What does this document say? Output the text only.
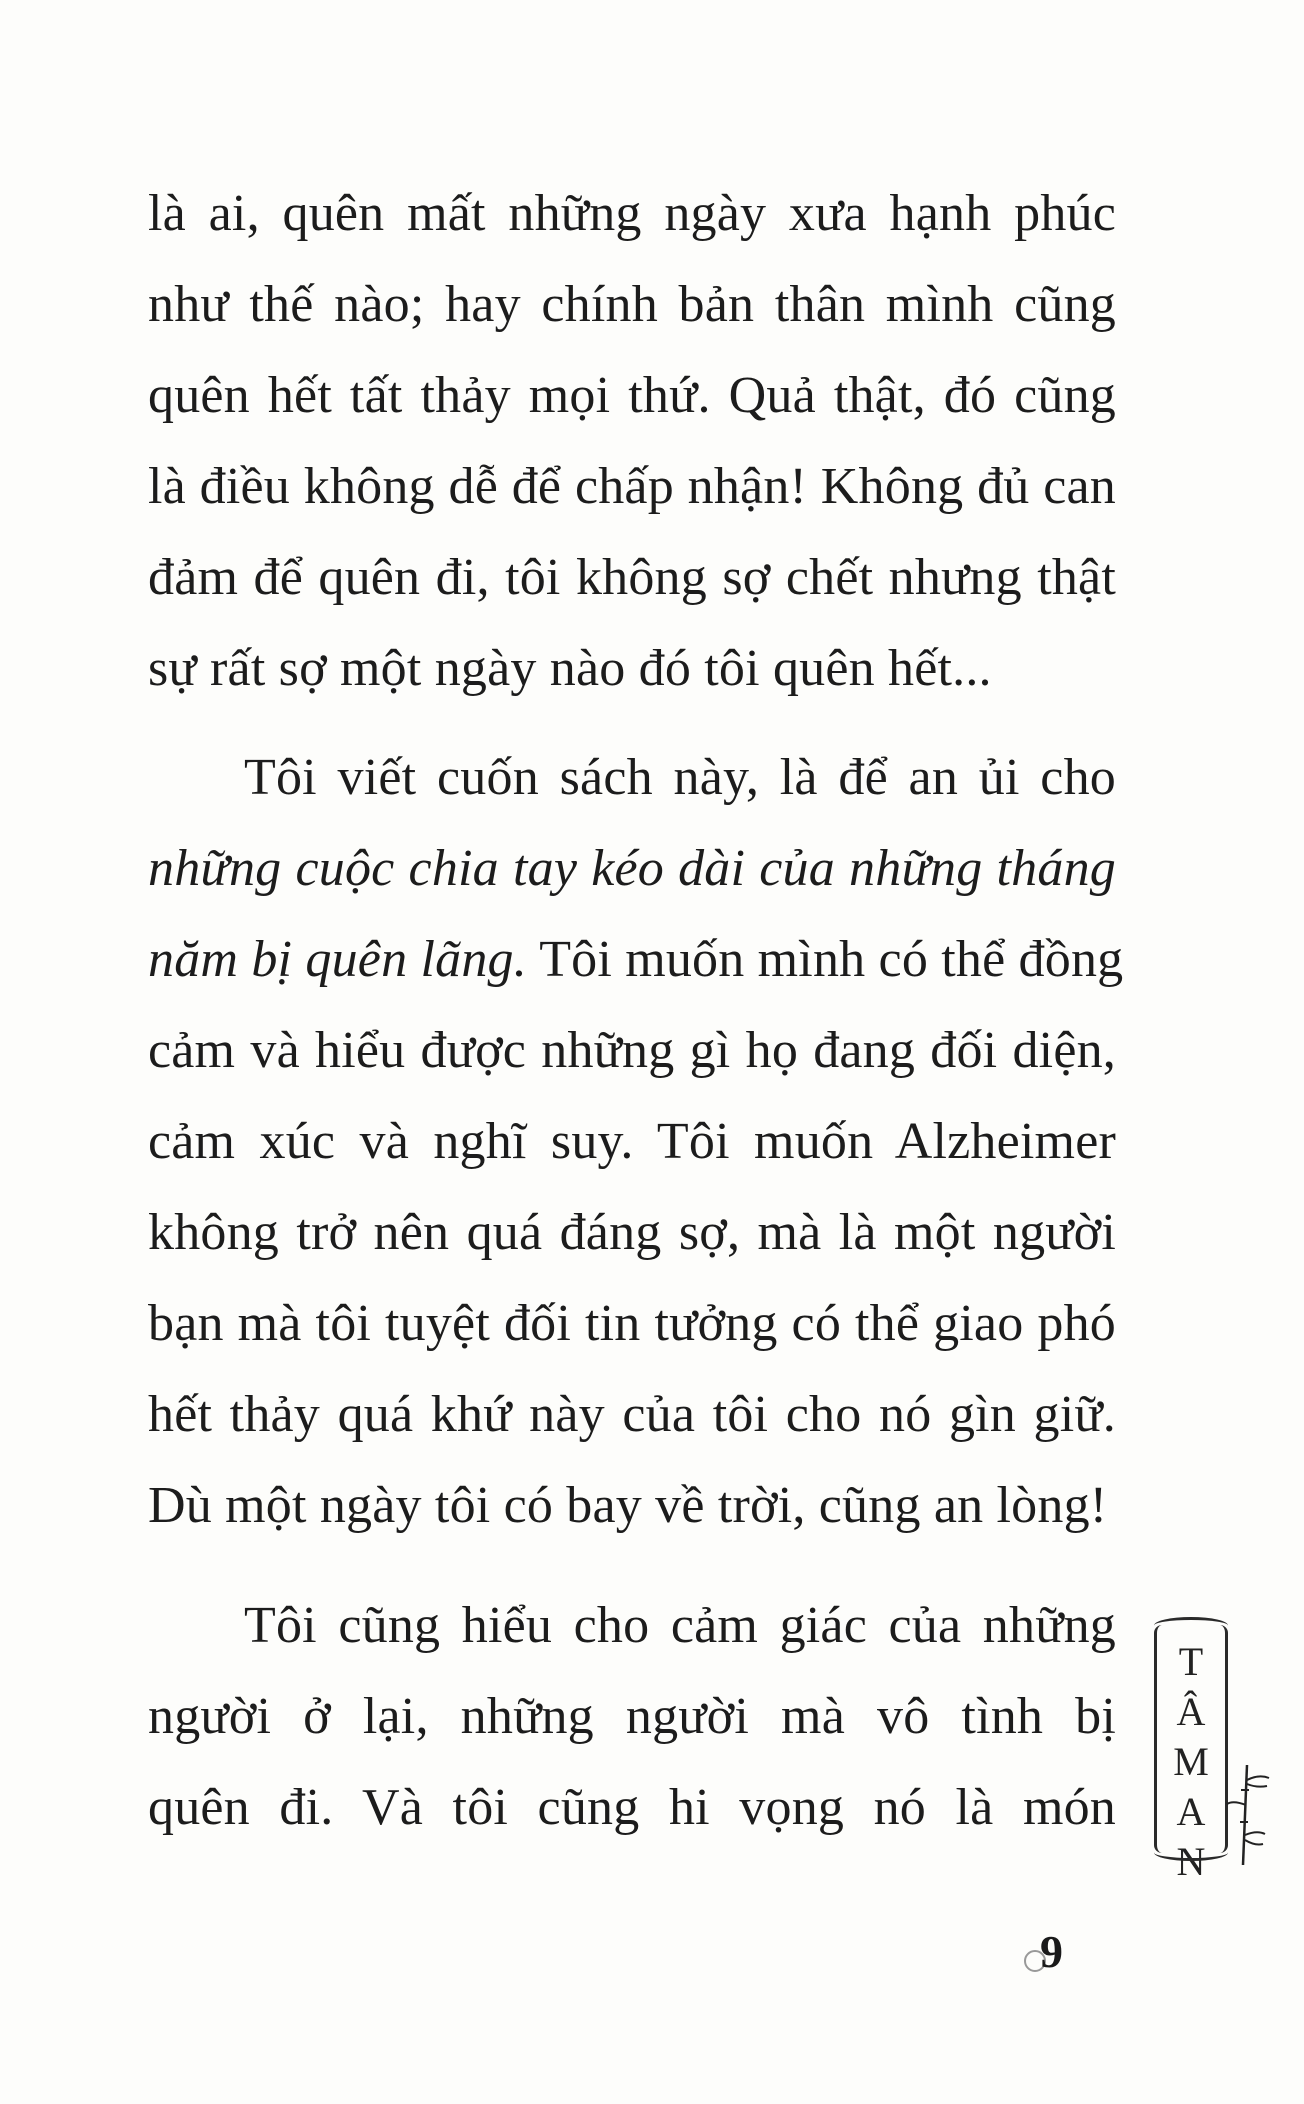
là ai, quên mất những ngày xưa hạnh phúc
như thế nào; hay chính bản thân mình cũng
quên hết tất thảy mọi thứ. Quả thật, đó cũng
là điều không dễ để chấp nhận! Không đủ can
đảm để quên đi, tôi không sợ chết nhưng thật
sự rất sợ một ngày nào đó tôi quên hết...
Tôi viết cuốn sách này, là để an ủi cho
những cuộc chia tay kéo dài của những tháng
năm bị quên lãng. Tôi muốn mình có thể đồng
cảm và hiểu được những gì họ đang đối diện,
cảm xúc và nghĩ suy. Tôi muốn Alzheimer
không trở nên quá đáng sợ, mà là một người
bạn mà tôi tuyệt đối tin tưởng có thể giao phó
hết thảy quá khứ này của tôi cho nó gìn giữ.
Dù một ngày tôi có bay về trời, cũng an lòng!
Tôi cũng hiểu cho cảm giác của những
người ở lại, những người mà vô tình bị
quên đi. Và tôi cũng hi vọng nó là món
T
Â
M
A
N
9
